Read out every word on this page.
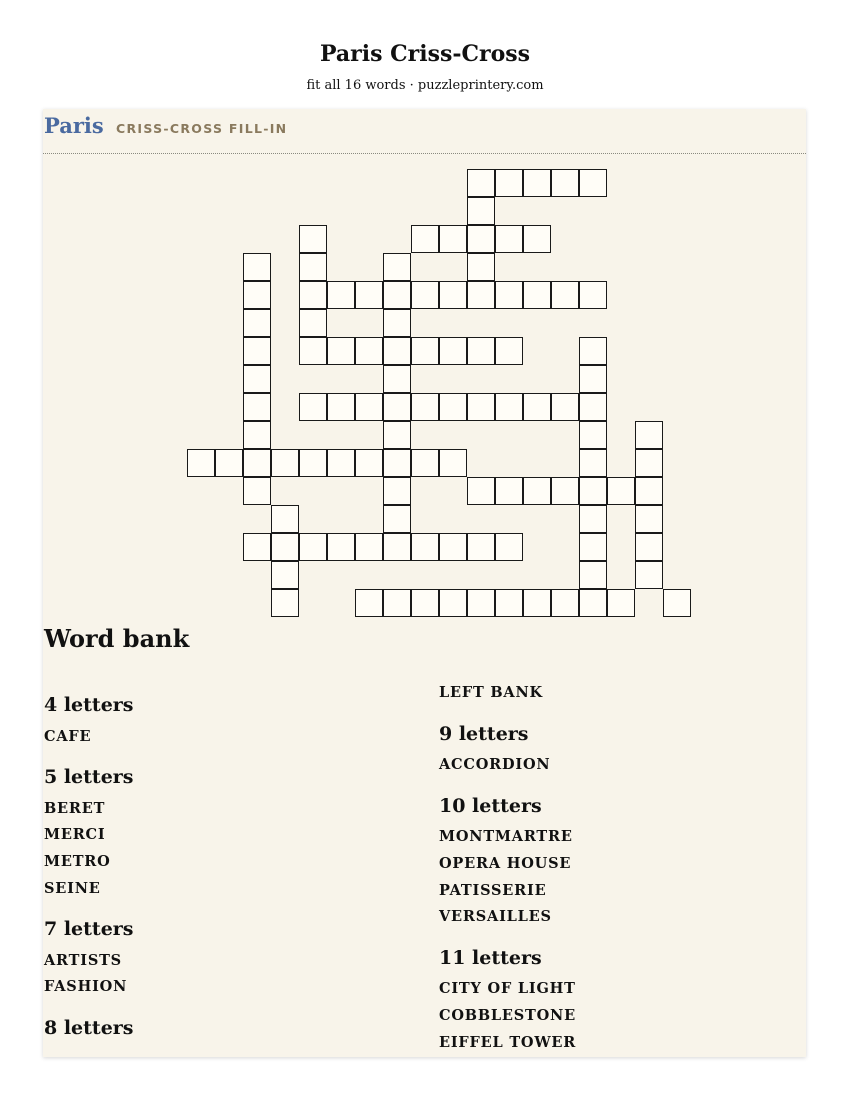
Paris Criss-Cross

fit all 16 words · puzzleprintery.com

Paris CRISS-CROSS FILL-IN
Word bank
4 letters
CAFE
5 letters
BERET
MERCI
METRO
SEINE
7 letters
ARTISTS
FASHION
8 letters
LEFT BANK
9 letters
ACCORDION
10 letters
MONTMARTRE
OPERA HOUSE
PATISSERIE
VERSAILLES
11 letters
CITY OF LIGHT
COBBLESTONE
EIFFEL TOWER
